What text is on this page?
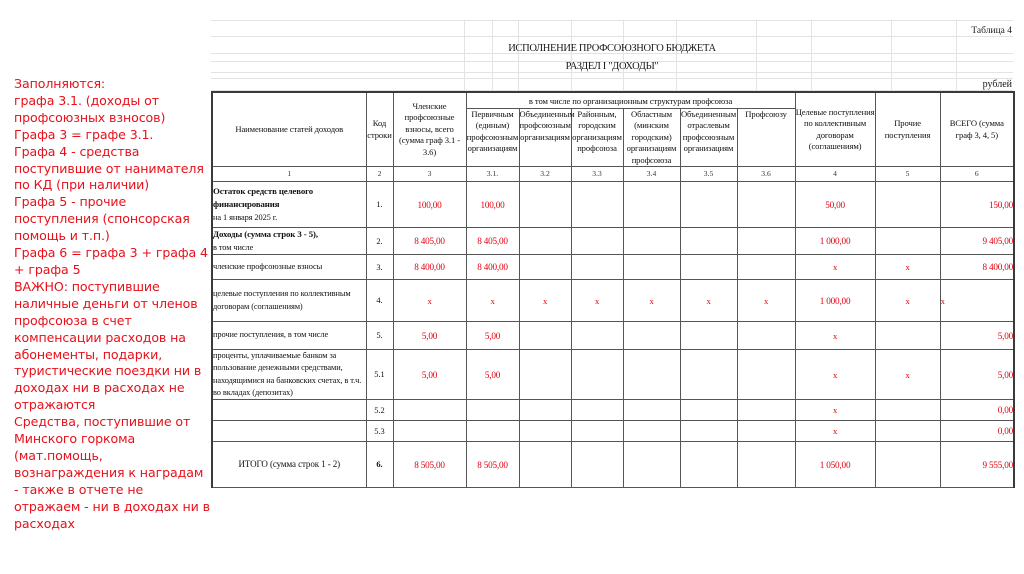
Заполняются:
графа 3.1. (доходы от профсоюзных взносов)
Графа 3 = графе 3.1.
Графа 4 - средства поступившие от нанимателя по КД (при наличии)
Графа 5 - прочие поступления (спонсорская помощь и т.п.)
Графа 6 = графа 3 + графа 4 + графа 5
ВАЖНО: поступившие наличные деньги от членов профсоюза в счет компенсации расходов на абонементы, подарки, туристические поездки ни в доходах ни в расходах не отражаются
Средства, поступившие от Минского горкома (мат.помощь, вознаграждения к наградам - также в отчете не отражаем - ни в доходах ни в расходах
Таблица 4
ИСПОЛНЕНИЕ ПРОФСОЮЗНОГО БЮДЖЕТА
РАЗДЕЛ I "ДОХОДЫ"
рублей
Наименование статей доходов	Код строки	Членские профсоюзные взносы, всего (сумма граф 3.1 - 3.6)	в том числе по организационным структурам профсоюза						Целевые поступления по коллективным договорам (соглашениям)	Прочие поступления	ВСЕГО (сумма граф 3, 4, 5)
			Первичным (единым) профсоюзным организациям	Объединенным профсоюзным организациям	Районным, городским организациям профсоюза	Областным (минским городским) организациям профсоюза	Объединенным отраслевым профсоюзным организациям	Профсоюзу			
1	2	3	3.1.	3.2	3.3	3.4	3.5	3.6	4	5	6
Остаток средств целевого финансирования
на 1 января 2025 г.	1.	100,00	100,00						50,00		150,00
Доходы (сумма строк 3 - 5),
в том числе	2.	8 405,00	8 405,00						1 000,00		9 405,00
членские профсоюзные взносы	3.	8 400,00	8 400,00						x	x	8 400,00
целевые поступления по коллективным договорам (соглашениям)	4.	x	x	x	x	x	x	x	1 000,00	x	x
прочие поступления, в том числе	5.	5,00	5,00						x		5,00
проценты, уплачиваемые банком за пользование денежными средствами, находящимися на банковских счетах, в т.ч. во вкладах (депозитах)	5.1	5,00	5,00						x	x	5,00
	5.2								x		0,00
	5.3								x		0,00
ИТОГО (сумма строк 1 - 2)	6.	8 505,00	8 505,00						1 050,00		9 555,00
